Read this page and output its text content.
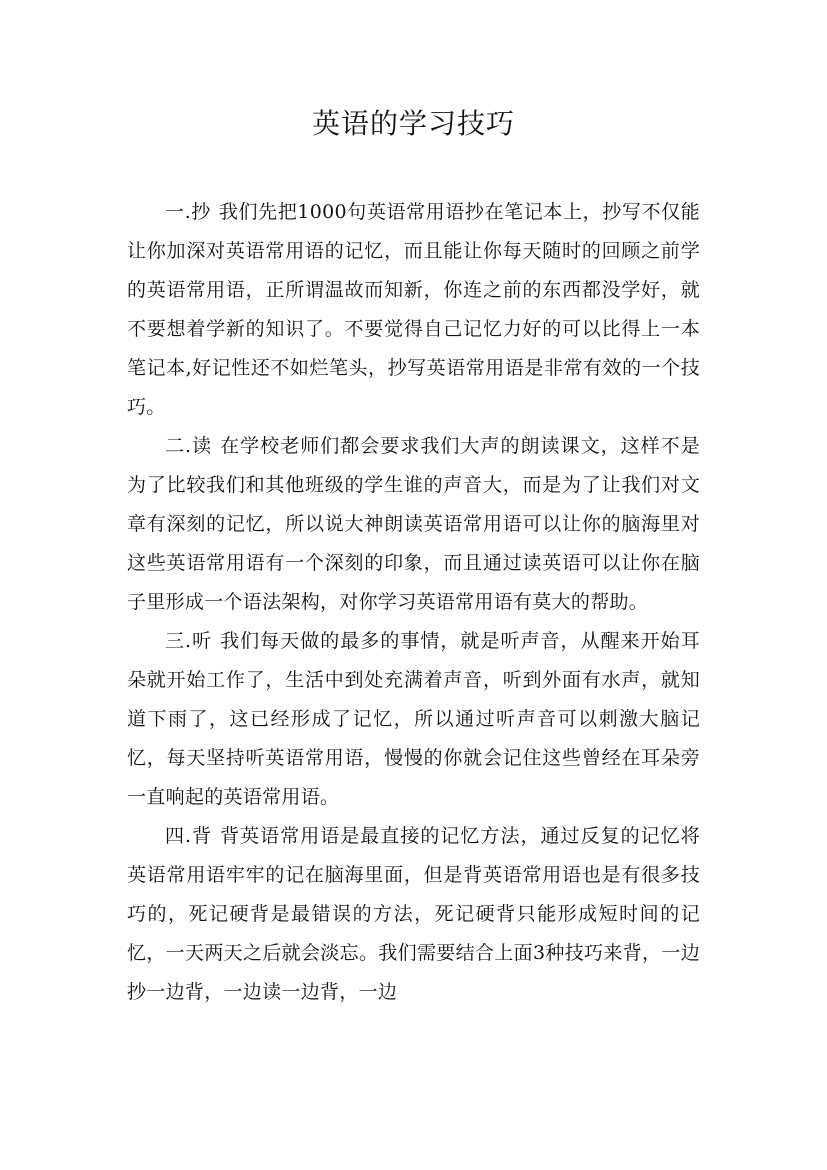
英语的学习技巧

一.抄 我们先把1000句英语常用语抄在笔记本上，抄写不仅能让你加深对英语常用语的记忆，而且能让你每天随时的回顾之前学的英语常用语，正所谓温故而知新，你连之前的东西都没学好，就不要想着学新的知识了。不要觉得自己记忆力好的可以比得上一本笔记本,好记性还不如烂笔头，抄写英语常用语是非常有效的一个技巧。

二.读 在学校老师们都会要求我们大声的朗读课文，这样不是为了比较我们和其他班级的学生谁的声音大，而是为了让我们对文章有深刻的记忆，所以说大神朗读英语常用语可以让你的脑海里对这些英语常用语有一个深刻的印象，而且通过读英语可以让你在脑子里形成一个语法架构，对你学习英语常用语有莫大的帮助。

三.听 我们每天做的最多的事情，就是听声音，从醒来开始耳朵就开始工作了，生活中到处充满着声音，听到外面有水声，就知道下雨了，这已经形成了记忆，所以通过听声音可以刺激大脑记忆，每天坚持听英语常用语，慢慢的你就会记住这些曾经在耳朵旁一直响起的英语常用语。

四.背 背英语常用语是最直接的记忆方法，通过反复的记忆将英语常用语牢牢的记在脑海里面，但是背英语常用语也是有很多技巧的，死记硬背是最错误的方法，死记硬背只能形成短时间的记忆，一天两天之后就会淡忘。我们需要结合上面3种技巧来背，一边抄一边背，一边读一边背，一边
